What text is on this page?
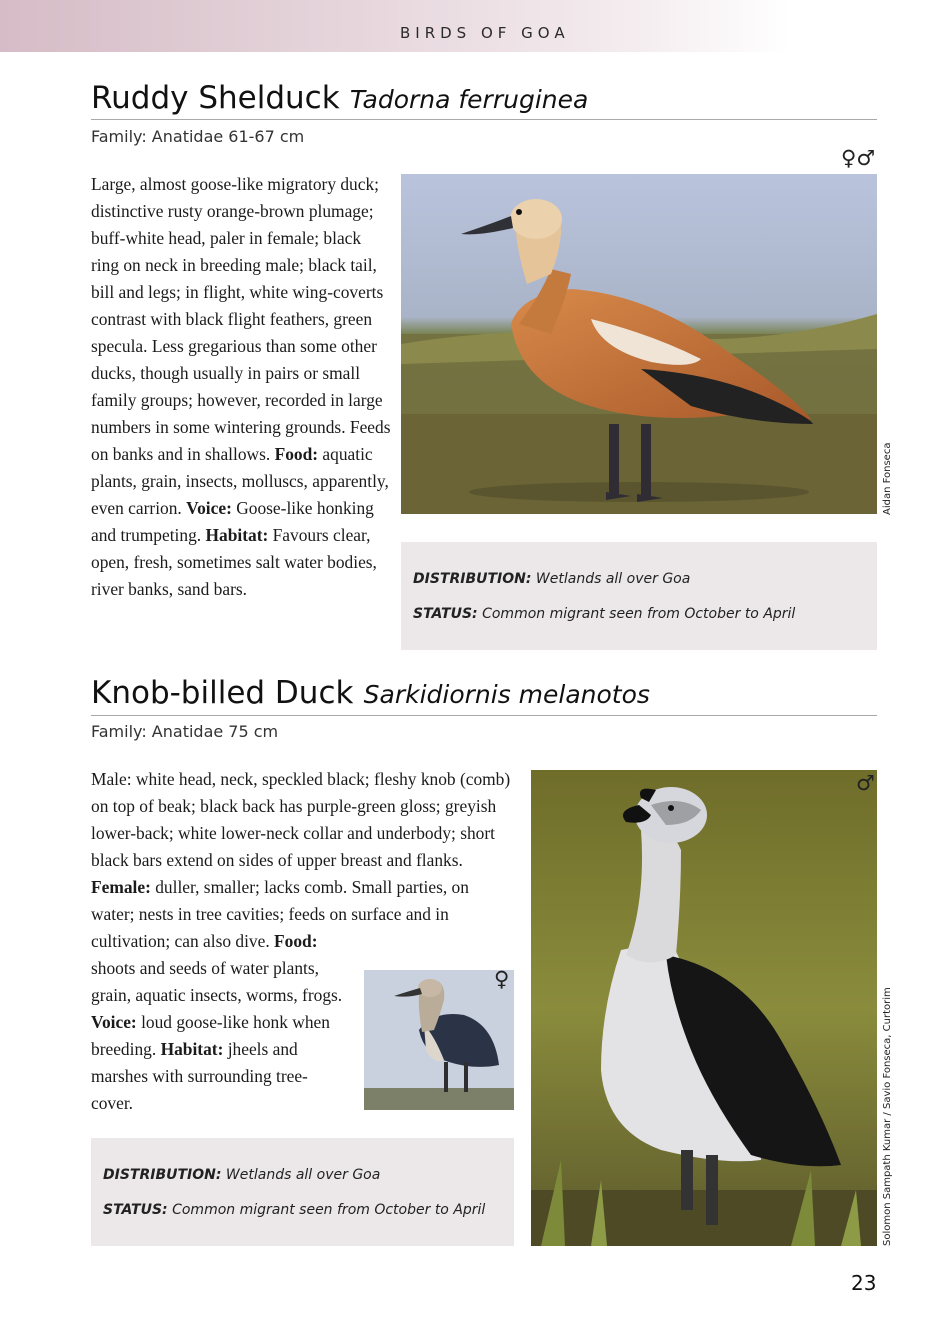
BIRDS OF GOA
Ruddy Shelduck Tadorna ferruginea
Family: Anatidae 61-67 cm
Large, almost goose-like migratory duck; distinctive rusty orange-brown plumage; buff-white head, paler in female; black ring on neck in breeding male; black tail, bill and legs; in flight, white wing-coverts contrast with black flight feathers, green specula. Less gregarious than some other ducks, though usually in pairs or small family groups; however, recorded in large numbers in some wintering grounds. Feeds on banks and in shallows. Food: aquatic plants, grain, insects, molluscs, apparently, even carrion. Voice: Goose-like honking and trumpeting. Habitat: Favours clear, open, fresh, sometimes salt water bodies, river banks, sand bars.
♀♂
Aidan Fonseca
DISTRIBUTION: Wetlands all over Goa
STATUS: Common migrant seen from October to April
Knob-billed Duck Sarkidiornis melanotos
Family: Anatidae 75 cm
Male: white head, neck, speckled black; fleshy knob (comb) on top of beak; black back has purple-green gloss; greyish lower-back; white lower-neck collar and underbody; short black bars extend on sides of upper breast and flanks. Female: duller, smaller; lacks comb. Small parties, on water; nests in tree cavities; feeds on surface and in cultivation; can also dive. Food:
shoots and seeds of water plants, grain, aquatic insects, worms, frogs. Voice: loud goose-like honk when breeding. Habitat: jheels and marshes with surrounding tree-cover.
♀
DISTRIBUTION: Wetlands all over Goa
STATUS: Common migrant seen from October to April
♂
Solomon Sampath Kumar / Savio Fonseca, Curtorim
23
